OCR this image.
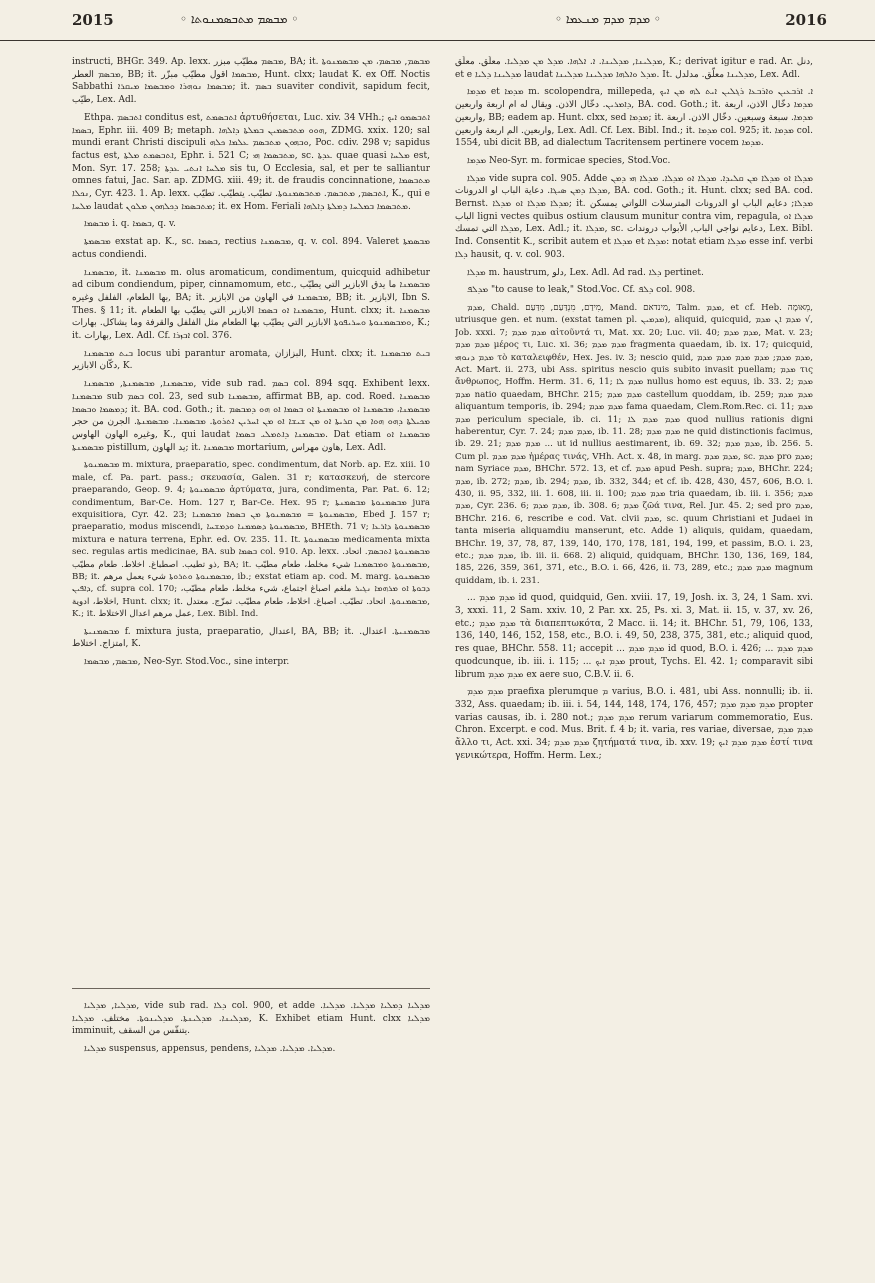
2015	◦ ܡܒܣܡ ܡܬܒܣܡܢܘܬܐ ◦	◦ ܡܕܡ ܡܕܡ ܡܢܥܡܐ ◦	2016

instructi, BHGr. 349. Ap. lexx. ܡܒܣܡ مطيّب مبزر, BA; it. ܡܒܣܡ, ܡܒܣܡ، ܡܢ ܡܒܣܡܢܘܬܐ ܡܒܣܡ العطر, BB; it. ܡܒܣܡܐ اقول مطيّب مبزّر, Hunt. clxx; laudat K. ex Off. Noctis Sabbathi ܡܒܣܡܐ ܢܘܗܪܐ ܘܡܒܣܡܐ ܡܝܩܪܐ; it. ܒܣܡ suaviter condivit, sapidum fecit, طيّب, Lex. Adl.

Ethpa. ܐܬܒܣܡ conditus est, ܐܬܒܣܡܬ ἀρτυθήσεται, Luc. xiv. 34 VHh.; ܐܬܒܣܡܘ ܐܝܟ ܒܣܡܐ, Ephr. iii. 409 B; metaph. ܗܘܘ ܡܬܒܣܡܝܢ ܒܡܠܬܐ ܕܐܠܗܐ, ZDMG. xxix. 120; sal mundi erant Christi discipuli ܘܒܗܘܢ ܡܬܒܣܡ ܥܠܡܐ ܟܠܗ, Poc. cdiv. 298 v; sapidus factus est, ܐܬܒܣܡܬ ܡܠܬܐ, Ephr. i. 521 C; ܡܬܒܣܡܐ ܗܝ, sc. ܥܕܬܐ quae quasi ܡܠܚܐ est, Mon. Syr. 17. 258; ܡܠܚܐ ܐܢܬܝ ܥܕܬܐ sis tu, O Ecclesia, sal, et per te salliantur omnes fatui, Jac. Sar. ap. ZDMG. xiii. 49; it. de fraudis concinnatione, ܡܬܒܣܡܐ ܢܟܠܐ, Cyr. 423. 1. Ap. lexx. ܐܬܒܣܡ, ܡܬܒܣܡ. ܡܬܒܣܡܢܘܬܐ. تطيّب. يتطيّب. تطيّب, K., qui e ܡܠܚܐ laudat ܡܬܒܣܡܐ ܕܟܠܗܘܢ ܡܠܘܢ; it. ex Hom. Feriali ܡܬܒܣܡܐ ܒܡܠܚܐ ܕܡܠܬܐ ܕܐܠܗܐ.

ܡܒܣܡܐ i. q. ܒܣܡܐ, q. v.

ܡܒܣܡܬܐ exstat ap. K., sc. ܒܣܡܐ, rectius ܡܒܣܡܢܐ, q. v. col. 894. Valeret ܡܒܣܡܬܐ actus condiendi.

ܡܒܣܡܢܐ, it. ܡܒܣܡܢܐ m. olus aromaticum, condimentum, quicquid adhibetur ad cibum condiendum, piper, cinnamomum, etc., ܡܒܣܡܢܐ ما يدق الابازير التي يطيّب بها الطعام، الفلفل وغيره, BA; it. ܡܒܣܡܢܐ في الهاون من الابازير, BB; it. الابازير, Ibn S. Thes. § 11; it. ܡܒܣܡܢܐ ܐܘ ܒܣܡܐ الابازير التي يطيّب بها الطعام, Hunt. clxx; it. ܡܒܣܡܢܐ ܘܡܒܣܡܢܘܬܐ ܘܚܪܝܦܘܬܐ الابازير التي يطيّب بها الطعام مثل الفلفل والقرفة وما يشاكل. بهارات, K.; it. بهارات, Lex. Adl. Cf. ܐܒܙܪܐ col. 376.

ܒܝܬ ܡܒܣܡܢܐ locus ubi parantur aromata, البزازان, Hunt. clxx; it. ܒܝܬ ܡܒܣܡܢܐ دكّان الابازير, K.

ܡܒܣܡܢܐ, ܡܒܣܡܢܬܐ, ܡܒܣܡܢܐ, vide sub rad. ܒܣܡ col. 894 sqq. Exhibent lexx. ܡܒܣܡܢܐ sub ܒܣܡ col. 23, sed sub ܡܒܣܡܢܐ, affirmat BB, ap. cod. Roed. ܡܒܣܡܢܐ ܕܡܣܡܐ ܘܒܣܡܐ; it. BA. cod. Goth.; it. ܡܒܣܡܢܐ، ܡܒܣܡܢܐ ܐܘ ܡܒܣܡܢܬܐ ܐܘ ܒܣܡܐ ܐܘ ܗܘ ܕܡܒܣܡ ܡܟܝܠܬܐ ܕܗܘ ܗܘܐ ܡܢ ܩܪܝܬܐ ܐܘ ܡܢ ܫܝܫܐ ܐܘ ܡܢ ܐܚܪܝܢ ܐܬܪܘܬܐ. ܡܒܣܡܢܐ. ܡܒܣܡܢܬܐ. الجرن من حجر وغيره الهاون الهاوس, K., qui laudat ܡܒܣܡܢܐ ܕܐܬܡܠܝ ܒܣܡܐ. Dat etiam ܡܒܣܡܢܐ ܐܘ ܡܒܣܡܢܬܐ pistillum, يد الهاون; it. ܡܒܣܡܢܐ mortarium, هاون مهراس, Lex. Adl.

ܡܒܣܡܢܘܬܐ m. mixtura, praeparatio, spec. condimentum, dat Norb. ap. Ez. xiii. 10 male, cf. Pa. part. pass.; σκευασία, Galen. 31 r; κατασκευή, de stercore praeparando, Geop. 9. 4; ܡܒܣܡܢܘܬܐ ἀρτύματα, jura, condimenta, Par. Pat. 6. 12; condimentum, Bar-Ce. Hom. 127 r, Bar-Ce. Hex. 95 r; ܡܒܣܡܢܘܬܐ ܡܒܣܡܢܬܐ jura exquisitiora, Cyr. 42. 23; ܡܒܣܡܢܘܬܐ = ܡܒܣܡܢܘܬܐ ܡܢ ܒܣܡܐ ܡܒܣܡܢܐ, Ebed J. 157 r; praeparatio, modus miscendi, ܡܒܣܡܢܘܬܐ ܕܣܡܡܢܐ ܘܕܡܫܚܐ, BHEth. 71 v; ܡܒܣܡܢܘܬܐ ܕܐܪܥܐ mixtura e natura terrena, Ephr. ed. Ov. 235. 11. It. ܡܒܣܡܢܘܬܐ medicamenta mixta sec. regulas artis medicinae, BA. sub ܒܣܡܐ col. 910. Ap. lexx. ܡܒܣܡܢܘܬܐ ܐܬܒܣܡ. اتحاد. ذو تطيب. اصطباغ. اخلاط. طعام مطيّب, BA; it. ܡܒܣܡܢܘܬܐ ܘܡܒܣܡܢܐ شيء مخلط، طعام مطيّب, BB; it. ܡܒܣܡܢܘܬܐ ܘܬܪܘܬܐ شيء يعمل مرهم, ib.; exstat etiam ap. cod. M. marg. ܡܒܣܡܢܘܬܐ ܕܐܦܝܢ, cf. supra col. 170; ܕܒܘܬܐ ܐܘ ܡܪܗܡܐ ܢܓܝܪ ملغم اصباغ اجتماع، شيء مخلط، طعام مطيّب، اخلاط، ادوية, Hunt. clxx; it. ܡܒܣܡܢܘܬܐ. اتحاد. تطيّب. اصباغ. اخلاط، طعام مطيّب. تمزّج. معتدل, K.; it. عمل مرهم اعدال الاختلاط, Lex. Bibl. Ind.

ܡܒܣܡܢܝܬܐ f. mixtura justa, praeparatio, اعتدال, BA, BB; it. ܡܒܣܡܢܝܬܐ. اعتدال. امتزاج. اختلاط, K.

ܡܒܣܡ, ܡܒܣܡܐ, Neo-Syr. Stod.Voc., sine interpr.

ܡܕܠܝܐ, ܡܕܠܝܐ, vide sub rad. ܕܠܐ col. 900, et adde ܡܕܠܝܐ ܕܡܠܝܐ ܡܕܠܝܐ. ܡܕܠܝܐ. ܡܕܠܝܢܐ. ܡܕܠܝܢܬܐ. ܡܕܠܝܢܘܬܐ. مختلف. ܡܕܠܝܐ, K. Exhibet etiam Hunt. clxx ܡܕܠܝܐ imminuit, يتنفّس من السقف.

ܡܕܠܝܐ suspensus, appensus, pendens, ܡܕܠܝܐ. ܡܕܠܝܐ. ܡܕܠܝܐ.

ܡܕܠܝܢܐ, ܡܕܠܝܢܐ. ܐ. ܐܠܗܐ. ܡܕܠ ܡܢ ܡܕܠܝܐ. معلّق. معلّق, K.; derivat igitur e rad. Ar. دنل, et e ܡܕܠܝܢܐ ܕܠܝܐ laudat ܡܕܠ ܘܐܠܗܐ ܡܕܠܝܢܐ ܡܕܠܝܢܐ. It. ܡܕܠܝܢܐ معلّق. مدلدل, Lex. Adl.

ܡܕܡܐ et ܡܕܡܐ m. scolopendra, millepeda, ܐ. ܐܪܒܥܝܢ ܘܐܪܒܥܐ ܪܓܠܝܢ ܐܝܬ ܠܗ ܡܢ ܐܝܟ ܕܐܡܪܝܢ. دخّال الاذن. ويقال له ام اربعة واربعين, BA. cod. Goth.; it. ܡܕܡܐ دخّال الاذن، اربعة واربعين, BB; eadem ap. Hunt. clxx, sed ܡܕܡܐ; it. ܡܕܡܐ. سبعة وسبعين. دخّال الاذن. اربعة واربعين. الم اربعة واربعين, Lex. Adl. Cf. Lex. Bibl. Ind.; it. ܡܕܡܐ col. 925; it. ܡܕܡܐ col. 1554, ubi dicit BB, ad dialectum Tacritensem pertinere vocem ܡܕܡܐ.

ܡܕܡܐ Neo-Syr. m. formicae species, Stod.Voc.

ܡܕܠܐ vide supra col. 905. Adde ܡܕܠܐ ܐܘ ܡܕܠܐ ܡܢ ܩܠܝܕܐ. ܡܕܠܐ ܐܘ ܡܕܠܐ. ܡܕܠܐ ܗܝ ܕܡܢ ܡܕܠܐ ܕܡܢ ܣܝܓܐ. دعاية الباب او الدرونات, BA. cod. Goth.; it. Hunt. clxx; sed BA. cod. Bernst. ܡܕܠܐ ܡܕܠܐ ܐܘ ܡܕܠܐ; it. ܡܕܠܐ; دعايم الباب او الدرونات المترسلات اللواتي يمسكن الباب ligni vectes quibus ostium clausum munitur contra vim, repagula, ܡܕܠܐ ܐܘ ܡܕܠܐ التي تمسك, Lex. Adl.; it. ܡܕܠܐ, sc. دعايم نواجي الباب, الأبواب دروندات, Lex. Bibl. Ind. Consentit K., scribit autem et ܡܕܠܐ et ܡܕܠܐ: notat etiam ܡܕܠܐ esse inf. verbi ܕܠܐ hausit, q. v. col. 903.

ܡܕܠܐ m. haustrum, دلو, Lex. Adl. Ad rad. ܕܠܐ pertinet.

ܡܕܠܦ "to cause to leak," Stod.Voc. Cf. ܕܠܦ col. 908.

ܡܕܡ, Chald. מִידַם, מִנְדַּעַם, מִדַּעַם, Mand. מינדאם, Talm. ܡܕܡ, et cf. Heb. מְאוּמָה, utriusque gen. et num. (exstat tamen pl. ܡܕܡܝܢ), aliquid, quicquid, ܡܕܡ ܐܢ ܡܕܡ √, Job. xxxi. 7; ܡܕܡ ܡܕܡ αἰτοῦντά τι, Mat. xx. 20; Luc. vii. 40; ܡܕܡ ܡܕܡ, Mat. v. 23; ܡܕܡ ܡܕܡ μέρος τι, Luc. xi. 36; ܡܕܡ ܡܕܡ fragmenta quaedam, ib. ix. 17; quicquid, ܡܕܡ ܕܢܘܗܝ τὸ καταλειφθέν, Hex. Jes. iv. 3; nescio quid, ܡܕܡ ܡܕܡ; ܡܕܡ ܡܕܡ ܡܕܡ ܡܕܡ, Act. Mart. ii. 273, ubi Ass. spiritus nescio quis subito invasit puellam; ܡܕܡ τις ἄνθρωπος, Hoffm. Herm. 31. 6, 11; ܡܕܡ ܠܐ nullus homo est equus, ib. 33. 2; ܡܕܡ ܡܕܡ natio quaedam, BHChr. 215; ܡܕܡ ܡܕܡ castellum quoddam, ib. 259; ܡܕܡ ܡܕܡ aliquantum temporis, ib. 294; ܡܕܡ ܡܕܡ fama quaedam, Clem.Rom.Rec. ci. 11; ܡܕܡ ܡܕܡ periculum speciale, ib. ci. 11; ܡܕܡ ܡܕܡ ܠܐ quod nullius rationis digni haberentur, Cyr. 7. 24; ܡܕܡ ܡܕܡ, ib. 11. 28; ܡܕܡ ܡܕܡ ne quid distinctionis facimus, ib. 29. 21; ܡܕܡ ܡܕܡ ... ut id nullius aestimarent, ib. 69. 32; ܡܕܡ ܡܕܡ, ib. 256. 5. Cum pl. ܡܕܡ ܡܕܡ ἡμέρας τινάς, VHh. Act. x. 48, in marg. ܡܕܡ ܡܕܡ, sc. ܡܕܡ pro ܡܕܡ; nam Syriace ܡܕܡ, BHChr. 572. 13, et cf. ܡܕܡ apud Pesh. supra; ܡܕܡ, BHChr. 224; ܡܕܡ, ib. 272; ܡܕܡ, ib. 294; ܡܕܡ, ib. 332, 344; et cf. ib. 428, 430, 457, 606, B.O. i. 430, ii. 95, 332, iii. 1. 608, iii. ii. 100; ܡܕܡ ܡܕܡ tria quaedam, ib. iii. i. 356; ܡܕܡ ܡܕܡ, Cyr. 236. 6; ܡܕܡ ܡܕܡ, ib. 308. 6; ܡܕܡ ζῶά τινα, Rel. Jur. 45. 2; sed pro ܡܕܡ, BHChr. 216. 6, rescribe e cod. Vat. clvii ܡܕܡ, sc. quum Christiani et Judaei in tanta miseria aliquamdiu manserunt, etc. Adde 1) aliquis, quidam, quaedam, BHChr. 19, 37, 78, 87, 139, 140, 170, 178, 181, 194, 199, et passim, B.O. i. 23, etc.; ܡܕܡ ܡܕܡ, ib. iii. ii. 668. 2) aliquid, quidquam, BHChr. 130, 136, 169, 184, 185, 226, 359, 361, 371, etc., B.O. i. 66, 426, ii. 73, 289, etc.; ܡܕܡ ܡܕܡ magnum quiddam, ib. i. 231.

... ܡܕܡ ܡܕܡ id quod, quidquid, Gen. xviii. 17, 19, Josh. ix. 3, 24, 1 Sam. xvi. 3, xxxi. 11, 2 Sam. xxiv. 10, 2 Par. xx. 25, Ps. xi. 3, Mat. ii. 15, v. 37, xv. 26, etc.; ܡܕܡ ܡܕܡ τὰ διαπεπτωκότα, 2 Macc. ii. 14; it. BHChr. 51, 79, 106, 133, 136, 140, 146, 152, 158, etc., B.O. i. 49, 50, 238, 375, 381, etc.; aliquid quod, res quae, BHChr. 558. 11; accepit ... ܡܕܡ ܡܕܡ id quod, B.O. i. 426; ... ܡܕܡ ܡܕܡ quodcunque, ib. iii. i. 115; ... ܡܕܡ ܐܝܟ prout, Tychs. El. 42. 1; comparavit sibi librum ܡܕܡ ܡܕܡ ex aere suo, C.B.V. ii. 6.

ܡܕܡ ܡܕܡ praefixa plerumque ܡ varius, B.O. i. 481, ubi Ass. nonnulli; ib. ii. 332, Ass. quaedam; ib. iii. i. 54, 144, 148, 174, 176, 457; ܡܕܡ ܡܕܡ ܡܕܡ propter varias causas, ib. i. 280 not.; ܡܕܡ ܡܕܡ rerum variarum commemoratio, Eus. Chron. Excerpt. e cod. Mus. Brit. f. 4 b; it. varia, res variae, diversae, ܡܕܡ ܡܕܡ ἄλλο τι, Act. xxi. 34; ܡܕܡ ܡܕܡ ζητήματά τινα, ib. xxv. 19; ܡܕܡ ܡܕܡ ܐܝܟ ἐστί τινα γενικώτερα, Hoffm. Herm. Lex.;
